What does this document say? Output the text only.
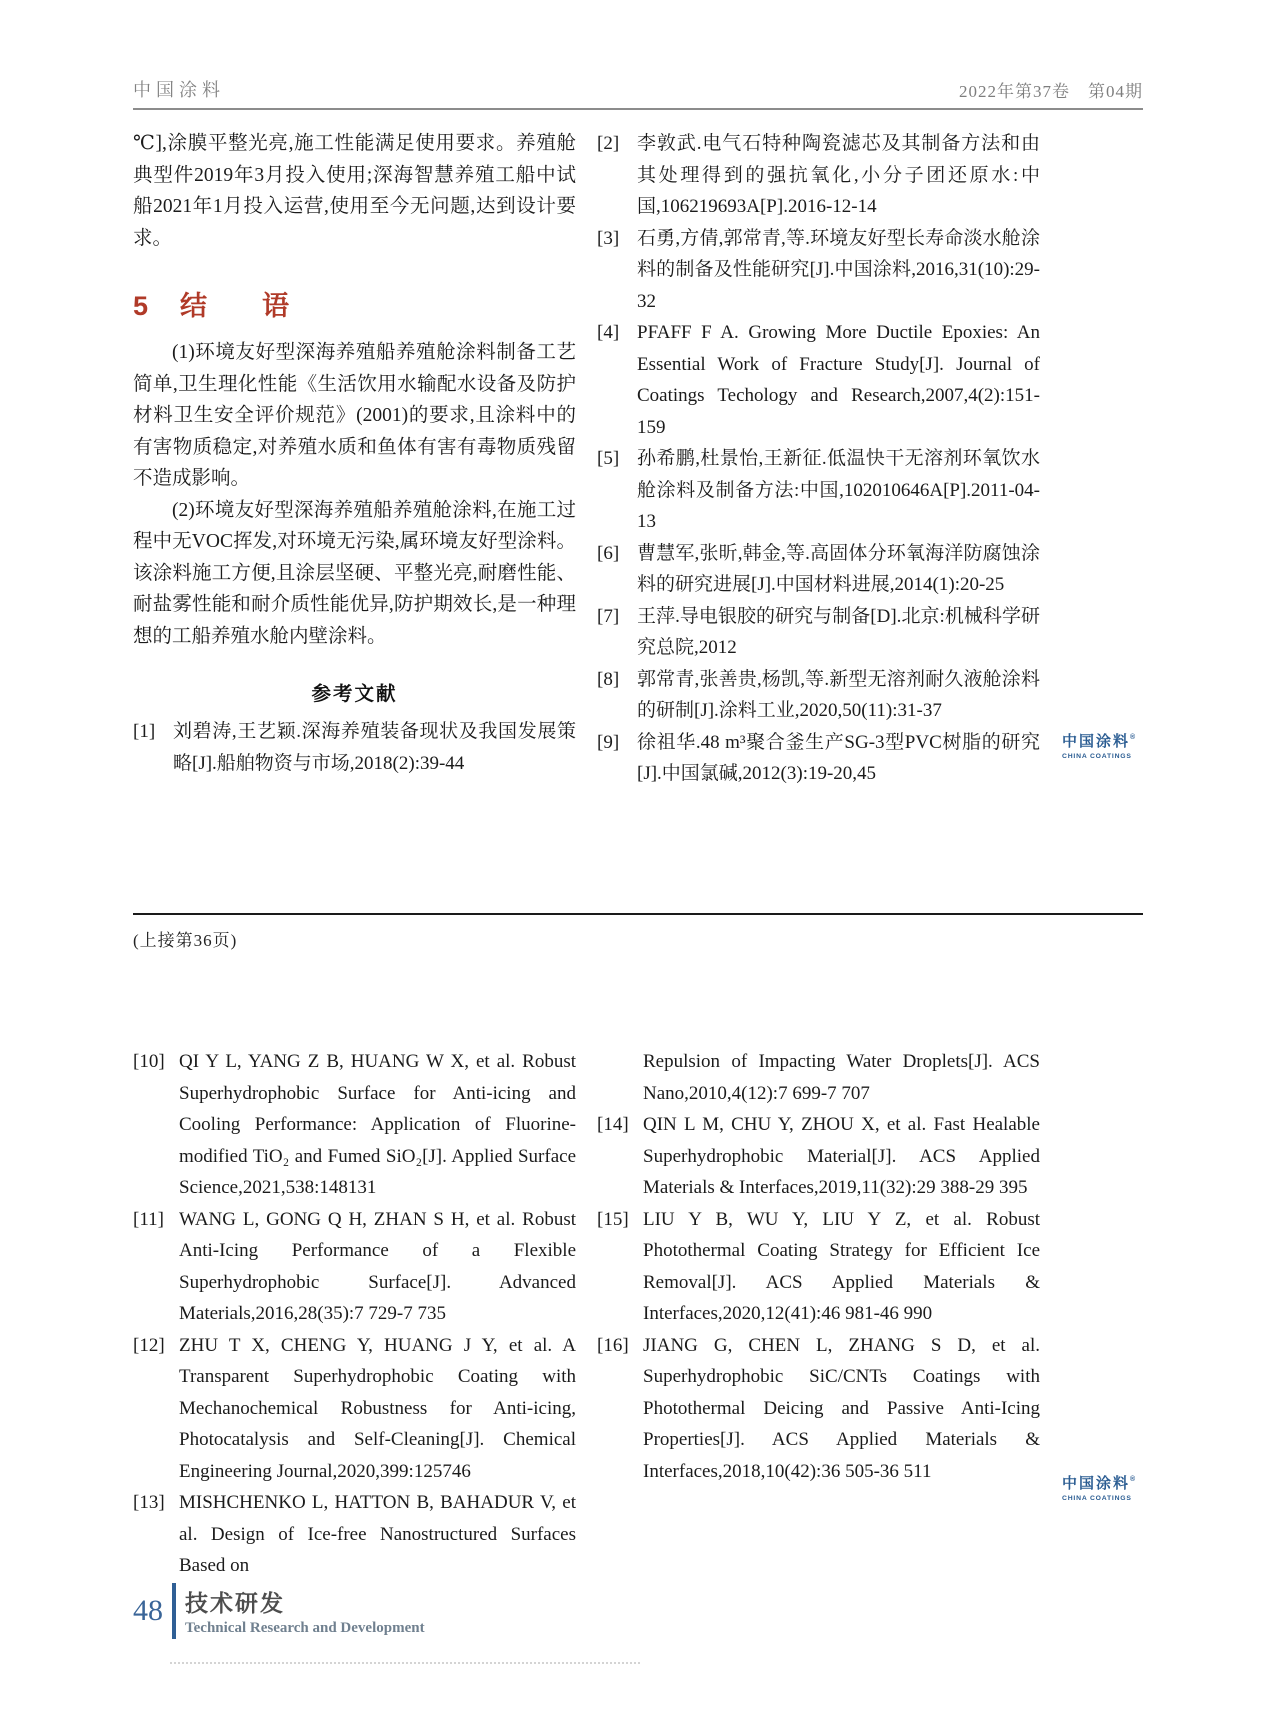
中国涂料	2022年第37卷　第04期

℃],涂膜平整光亮,施工性能满足使用要求。养殖舱典型件2019年3月投入使用;深海智慧养殖工船中试船2021年1月投入运营,使用至今无问题,达到设计要求。

5 结　语

(1)环境友好型深海养殖船养殖舱涂料制备工艺简单,卫生理化性能《生活饮用水输配水设备及防护材料卫生安全评价规范》(2001)的要求,且涂料中的有害物质稳定,对养殖水质和鱼体有害有毒物质残留不造成影响。

(2)环境友好型深海养殖船养殖舱涂料,在施工过程中无VOC挥发,对环境无污染,属环境友好型涂料。该涂料施工方便,且涂层坚硬、平整光亮,耐磨性能、耐盐雾性能和耐介质性能优异,防护期效长,是一种理想的工船养殖水舱内壁涂料。

参考文献
[1] 刘碧涛,王艺颖.深海养殖装备现状及我国发展策略[J].船舶物资与市场,2018(2):39-44
[2] 李敦武.电气石特种陶瓷滤芯及其制备方法和由其处理得到的强抗氧化,小分子团还原水:中国,106219693A[P].2016-12-14
[3] 石勇,方倩,郭常青,等.环境友好型长寿命淡水舱涂料的制备及性能研究[J].中国涂料,2016,31(10):29-32
[4] PFAFF F A. Growing More Ductile Epoxies: An Essential Work of Fracture Study[J]. Journal of Coatings Techology and Research,2007,4(2):151-159
[5] 孙希鹏,杜景怡,王新征.低温快干无溶剂环氧饮水舱涂料及制备方法:中国,102010646A[P].2011-04-13
[6] 曹慧军,张昕,韩金,等.高固体分环氧海洋防腐蚀涂料的研究进展[J].中国材料进展,2014(1):20-25
[7] 王萍.导电银胶的研究与制备[D].北京:机械科学研究总院,2012
[8] 郭常青,张善贵,杨凯,等.新型无溶剂耐久液舱涂料的研制[J].涂料工业,2020,50(11):31-37
[9] 徐祖华.48 m³聚合釜生产SG-3型PVC树脂的研究[J].中国氯碱,2012(3):19-20,45
中国涂料®
CHINA COATINGS
(上接第36页)
[10] QI Y L, YANG Z B, HUANG W X, et al. Robust Superhydrophobic Surface for Anti-icing and Cooling Performance: Application of Fluorine-modified TiO₂ and Fumed SiO₂[J]. Applied Surface Science,2021,538:148131
[11] WANG L, GONG Q H, ZHAN S H, et al. Robust Anti-Icing Performance of a Flexible Superhydrophobic Surface[J]. Advanced Materials,2016,28(35):7 729-7 735
[12] ZHU T X, CHENG Y, HUANG J Y, et al. A Transparent Superhydrophobic Coating with Mechanochemical Robustness for Anti-icing, Photocatalysis and Self-Cleaning[J]. Chemical Engineering Journal,2020,399:125746
[13] MISHCHENKO L, HATTON B, BAHADUR V, et al. Design of Ice-free Nanostructured Surfaces Based on
Repulsion of Impacting Water Droplets[J]. ACS Nano,2010,4(12):7 699-7 707
[14] QIN L M, CHU Y, ZHOU X, et al. Fast Healable Superhydrophobic Material[J]. ACS Applied Materials & Interfaces,2019,11(32):29 388-29 395
[15] LIU Y B, WU Y, LIU Y Z, et al. Robust Photothermal Coating Strategy for Efficient Ice Removal[J]. ACS Applied Materials & Interfaces,2020,12(41):46 981-46 990
[16] JIANG G, CHEN L, ZHANG S D, et al. Superhydrophobic SiC/CNTs Coatings with Photothermal Deicing and Passive Anti-Icing Properties[J]. ACS Applied Materials & Interfaces,2018,10(42):36 505-36 511
中国涂料®
CHINA COATINGS
48 技术研发
Technical Research and Development
